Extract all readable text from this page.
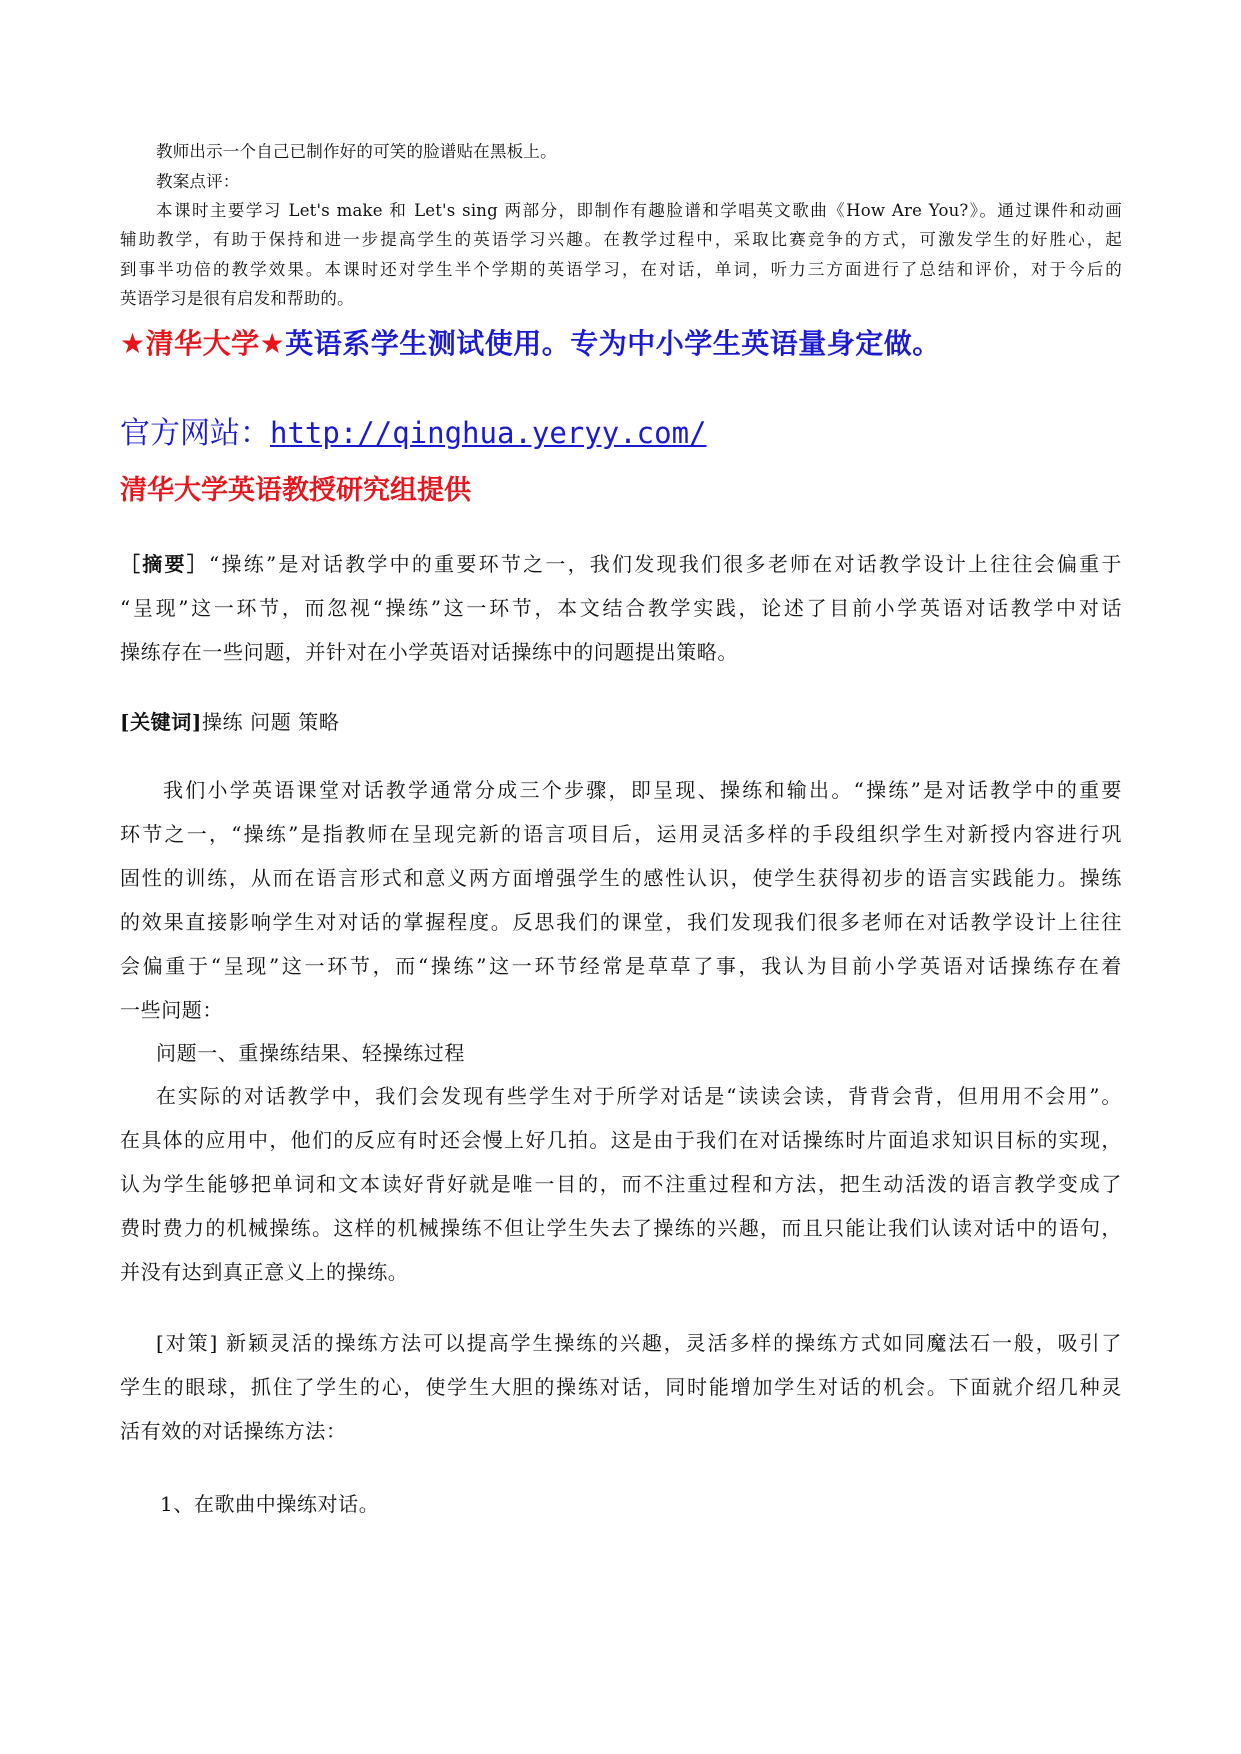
教师出示一个自己已制作好的可笑的脸谱贴在黑板上。

教案点评：

本课时主要学习 Let's make 和 Let's sing 两部分，即制作有趣脸谱和学唱英文歌曲《How Are You?》。通过课件和动画

辅助教学，有助于保持和进一步提高学生的英语学习兴趣。在教学过程中，采取比赛竞争的方式，可激发学生的好胜心，起

到事半功倍的教学效果。本课时还对学生半个学期的英语学习，在对话，单词，听力三方面进行了总结和评价，对于今后的

英语学习是很有启发和帮助的。

★清华大学★英语系学生测试使用。专为中小学生英语量身定做。

官方网站：http://qinghua.yeryy.com/

清华大学英语教授研究组提供

［摘要］“操练”是对话教学中的重要环节之一，我们发现我们很多老师在对话教学设计上往往会偏重于

“呈现”这一环节，而忽视“操练”这一环节，本文结合教学实践，论述了目前小学英语对话教学中对话

操练存在一些问题，并针对在小学英语对话操练中的问题提出策略。

[关键词]操练 问题 策略

我们小学英语课堂对话教学通常分成三个步骤，即呈现、操练和输出。“操练”是对话教学中的重要

环节之一，“操练”是指教师在呈现完新的语言项目后，运用灵活多样的手段组织学生对新授内容进行巩

固性的训练，从而在语言形式和意义两方面增强学生的感性认识，使学生获得初步的语言实践能力。操练

的效果直接影响学生对对话的掌握程度。反思我们的课堂，我们发现我们很多老师在对话教学设计上往往

会偏重于“呈现”这一环节，而“操练”这一环节经常是草草了事，我认为目前小学英语对话操练存在着

一些问题：

问题一、重操练结果、轻操练过程

在实际的对话教学中，我们会发现有些学生对于所学对话是“读读会读，背背会背，但用用不会用”。

在具体的应用中，他们的反应有时还会慢上好几拍。这是由于我们在对话操练时片面追求知识目标的实现，

认为学生能够把单词和文本读好背好就是唯一目的，而不注重过程和方法，把生动活泼的语言教学变成了

费时费力的机械操练。这样的机械操练不但让学生失去了操练的兴趣，而且只能让我们认读对话中的语句，

并没有达到真正意义上的操练。

[对策] 新颖灵活的操练方法可以提高学生操练的兴趣，灵活多样的操练方式如同魔法石一般，吸引了

学生的眼球，抓住了学生的心，使学生大胆的操练对话，同时能增加学生对话的机会。下面就介绍几种灵

活有效的对话操练方法：

1、在歌曲中操练对话。
